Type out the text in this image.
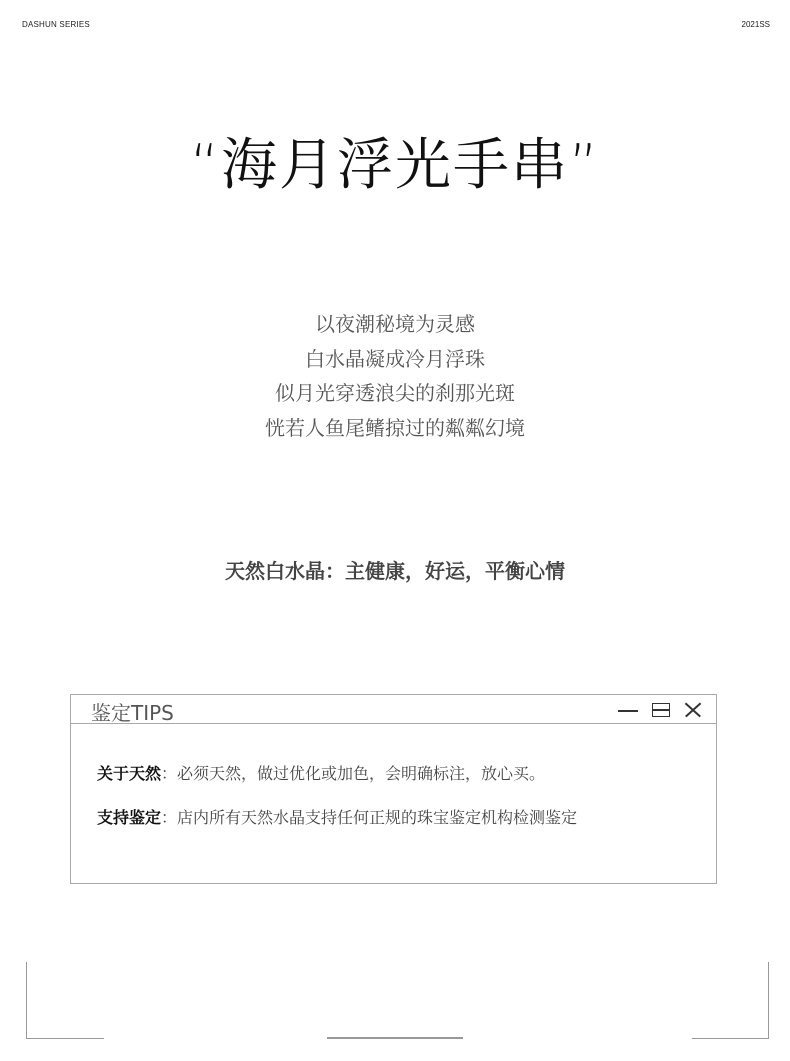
DASHUN SERIES	2021SS
“海月浮光手串”
以夜潮秘境为灵感
白水晶凝成冷月浮珠
似月光穿透浪尖的刹那光斑
恍若人鱼尾鳍掠过的粼粼幻境
天然白水晶：主健康，好运，平衡心情
鉴定TIPS
关于天然：必须天然，做过优化或加色，会明确标注，放心买。
支持鉴定：店内所有天然水晶支持任何正规的珠宝鉴定机构检测鉴定
